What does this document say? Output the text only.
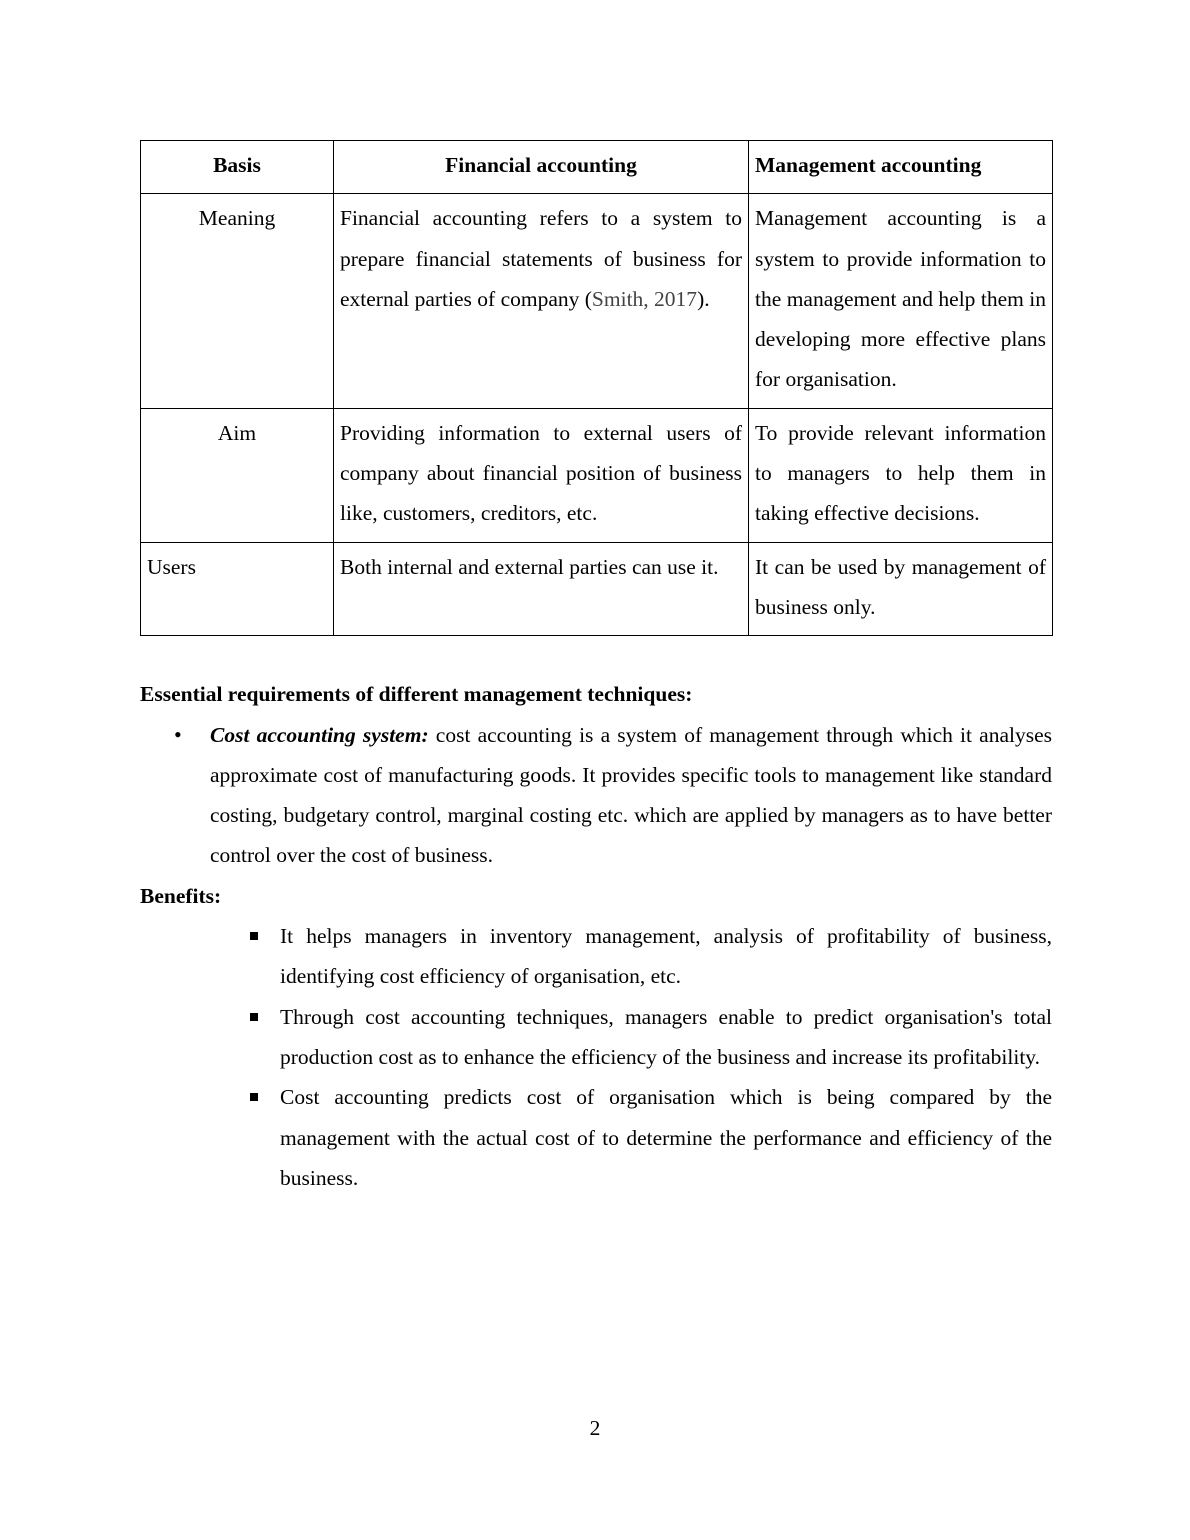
Basis	Financial accounting	Management accounting
Meaning	Financial accounting refers to a system to prepare financial statements of business for external parties of company (Smith, 2017).	Management accounting is a system to provide information to the management and help them in developing more effective plans for organisation.
Aim	Providing information to external users of company about financial position of business like, customers, creditors, etc.	To provide relevant information to managers to help them in taking effective decisions.
Users	Both internal and external parties can use it.	It can be used by management of business only.

Essential requirements of different management techniques:

• Cost accounting system: cost accounting is a system of management through which it analyses approximate cost of manufacturing goods. It provides specific tools to management like standard costing, budgetary control, marginal costing etc. which are applied by managers as to have better control over the cost of business.

Benefits:

It helps managers in inventory management, analysis of profitability of business, identifying cost efficiency of organisation, etc.
Through cost accounting techniques, managers enable to predict organisation's total production cost as to enhance the efficiency of the business and increase its profitability.
Cost accounting predicts cost of organisation which is being compared by the management with the actual cost of to determine the performance and efficiency of the business.
2
